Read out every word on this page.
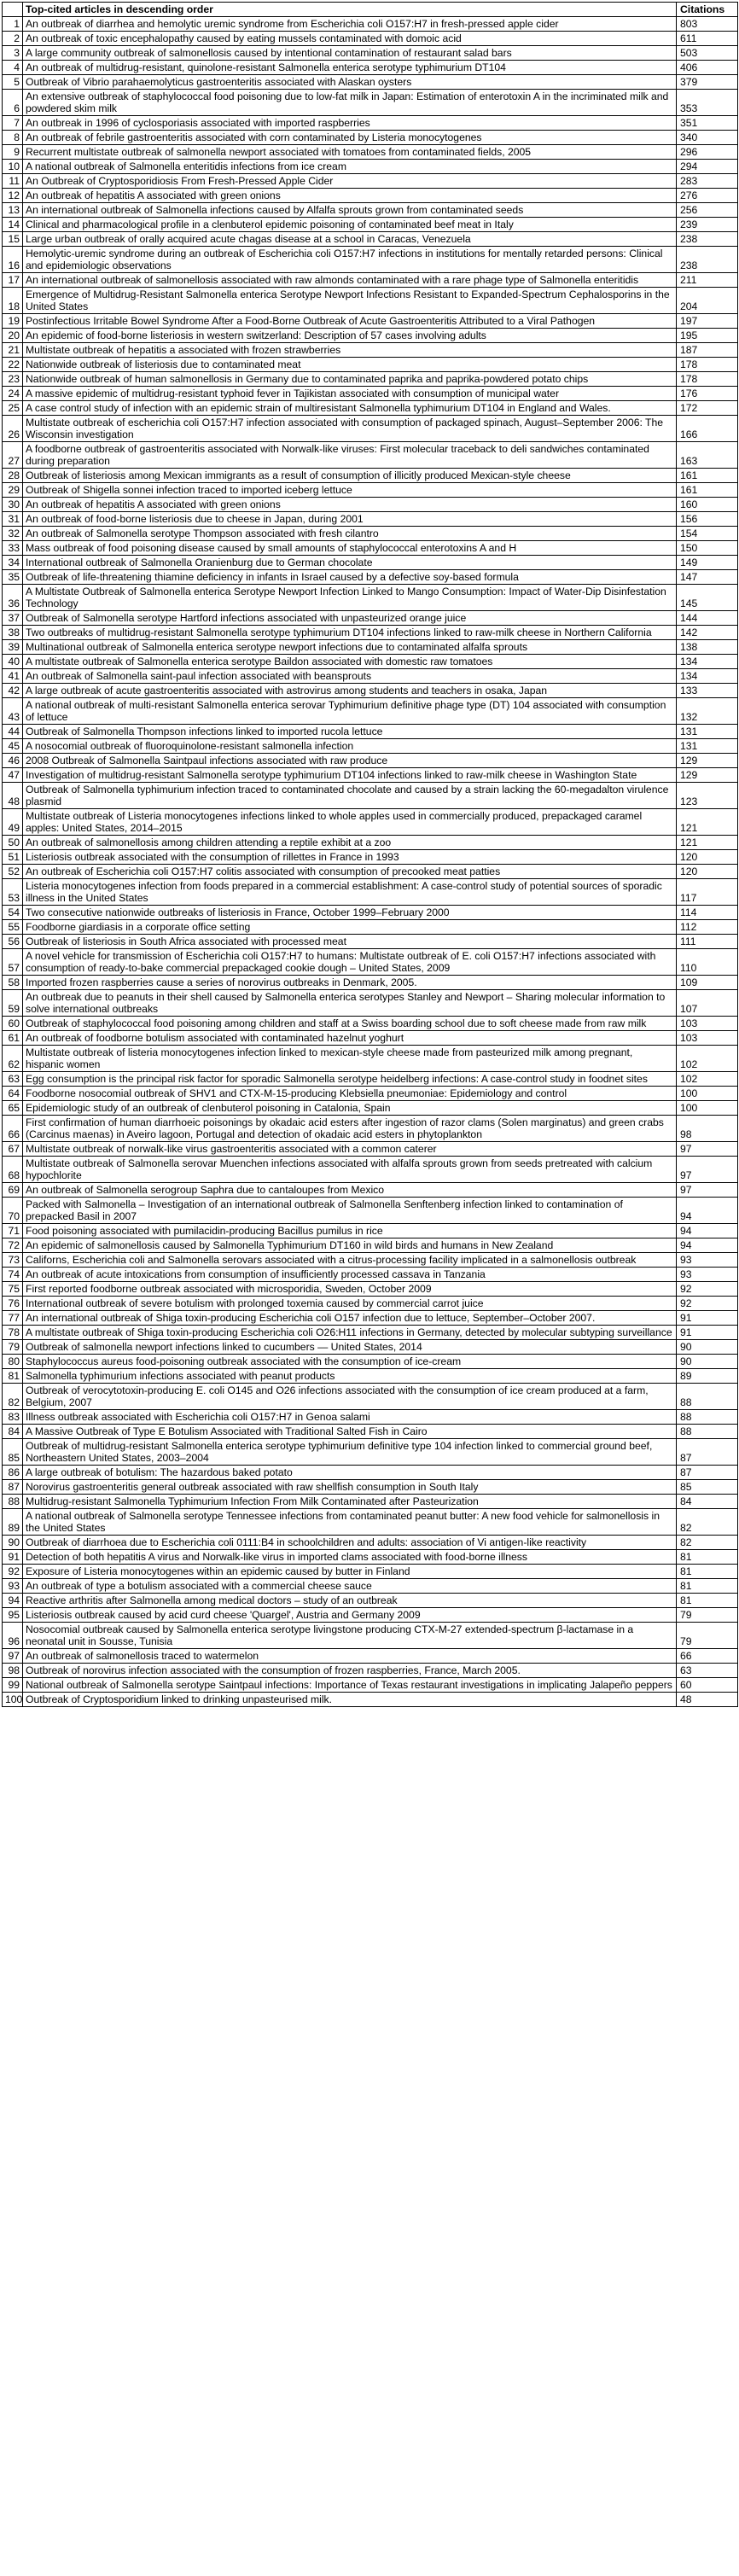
	Top-cited articles in descending order	Citations
1	An outbreak of diarrhea and hemolytic uremic syndrome from Escherichia coli O157:H7 in fresh-pressed apple cider	803
2	An outbreak of toxic encephalopathy caused by eating mussels contaminated with domoic acid	611
3	A large community outbreak of salmonellosis caused by intentional contamination of restaurant salad bars	503
4	An outbreak of multidrug-resistant, quinolone-resistant Salmonella enterica serotype typhimurium DT104	406
5	Outbreak of Vibrio parahaemolyticus gastroenteritis associated with Alaskan oysters	379
6	An extensive outbreak of staphylococcal food poisoning due to low-fat milk in Japan: Estimation of enterotoxin A in the incriminated milk and powdered skim milk	353
7	An outbreak in 1996 of cyclosporiasis associated with imported raspberries	351
8	An outbreak of febrile gastroenteritis associated with corn contaminated by Listeria monocytogenes	340
9	Recurrent multistate outbreak of salmonella newport associated with tomatoes from contaminated fields, 2005	296
10	A national outbreak of Salmonella enteritidis infections from ice cream	294
11	An Outbreak of Cryptosporidiosis From Fresh-Pressed Apple Cider	283
12	An outbreak of hepatitis A associated with green onions	276
13	An international outbreak of Salmonella infections caused by Alfalfa sprouts grown from contaminated seeds	256
14	Clinical and pharmacological profile in a clenbuterol epidemic poisoning of contaminated beef meat in Italy	239
15	Large urban outbreak of orally acquired acute chagas disease at a school in Caracas, Venezuela	238
16	Hemolytic-uremic syndrome during an outbreak of Escherichia coli O157:H7 infections in institutions for mentally retarded persons: Clinical and epidemiologic observations	238
17	An international outbreak of salmonellosis associated with raw almonds contaminated with a rare phage type of Salmonella enteritidis	211
18	Emergence of Multidrug-Resistant Salmonella enterica Serotype Newport Infections Resistant to Expanded-Spectrum Cephalosporins in the United States	204
19	Postinfectious Irritable Bowel Syndrome After a Food-Borne Outbreak of Acute Gastroenteritis Attributed to a Viral Pathogen	197
20	An epidemic of food-borne listeriosis in western switzerland: Description of 57 cases involving adults	195
21	Multistate outbreak of hepatitis a associated with frozen strawberries	187
22	Nationwide outbreak of listeriosis due to contaminated meat	178
23	Nationwide outbreak of human salmonellosis in Germany due to contaminated paprika and paprika-powdered potato chips	178
24	A massive epidemic of multidrug-resistant typhoid fever in Tajikistan associated with consumption of municipal water	176
25	A case control study of infection with an epidemic strain of multiresistant Salmonella typhimurium DT104 in England and Wales.	172
26	Multistate outbreak of escherichia coli O157:H7 infection associated with consumption of packaged spinach, August–September 2006: The Wisconsin investigation	166
27	A foodborne outbreak of gastroenteritis associated with Norwalk-like viruses: First molecular traceback to deli sandwiches contaminated during preparation	163
28	Outbreak of listeriosis among Mexican immigrants as a result of consumption of illicitly produced Mexican-style cheese	161
29	Outbreak of Shigella sonnei infection traced to imported iceberg lettuce	161
30	An outbreak of hepatitis A associated with green onions	160
31	An outbreak of food-borne listeriosis due to cheese in Japan, during 2001	156
32	An outbreak of Salmonella serotype Thompson associated with fresh cilantro	154
33	Mass outbreak of food poisoning disease caused by small amounts of staphylococcal enterotoxins A and H	150
34	International outbreak of Salmonella Oranienburg due to German chocolate	149
35	Outbreak of life-threatening thiamine deficiency in infants in Israel caused by a defective soy-based formula	147
36	A Multistate Outbreak of Salmonella enterica Serotype Newport Infection Linked to Mango Consumption: Impact of Water-Dip Disinfestation Technology	145
37	Outbreak of Salmonella serotype Hartford infections associated with unpasteurized orange juice	144
38	Two outbreaks of multidrug-resistant Salmonella serotype typhimurium DT104 infections linked to raw-milk cheese in Northern California	142
39	Multinational outbreak of Salmonella enterica serotype newport infections due to contaminated alfalfa sprouts	138
40	A multistate outbreak of Salmonella enterica serotype Baildon associated with domestic raw tomatoes	134
41	An outbreak of Salmonella saint-paul infection associated with beansprouts	134
42	A large outbreak of acute gastroenteritis associated with astrovirus among students and teachers in osaka, Japan	133
43	A national outbreak of multi-resistant Salmonella enterica serovar Typhimurium definitive phage type (DT) 104 associated with consumption of lettuce	132
44	Outbreak of Salmonella Thompson infections linked to imported rucola lettuce	131
45	A nosocomial outbreak of fluoroquinolone-resistant salmonella infection	131
46	2008 Outbreak of Salmonella Saintpaul infections associated with raw produce	129
47	Investigation of multidrug-resistant Salmonella serotype typhimurium DT104 infections linked to raw-milk cheese in Washington State	129
48	Outbreak of Salmonella typhimurium infection traced to contaminated chocolate and caused by a strain lacking the 60-megadalton virulence plasmid	123
49	Multistate outbreak of Listeria monocytogenes infections linked to whole apples used in commercially produced, prepackaged caramel apples: United States, 2014–2015	121
50	An outbreak of salmonellosis among children attending a reptile exhibit at a zoo	121
51	Listeriosis outbreak associated with the consumption of rillettes in France in 1993	120
52	An outbreak of Escherichia coli O157:H7 colitis associated with consumption of precooked meat patties	120
53	Listeria monocytogenes infection from foods prepared in a commercial establishment: A case-control study of potential sources of sporadic illness in the United States	117
54	Two consecutive nationwide outbreaks of listeriosis in France, October 1999–February 2000	114
55	Foodborne giardiasis in a corporate office setting	112
56	Outbreak of listeriosis in South Africa associated with processed meat	111
57	A novel vehicle for transmission of Escherichia coli O157:H7 to humans: Multistate outbreak of E. coli O157:H7 infections associated with consumption of ready-to-bake commercial prepackaged cookie dough – United States, 2009	110
58	Imported frozen raspberries cause a series of norovirus outbreaks in Denmark, 2005.	109
59	An outbreak due to peanuts in their shell caused by Salmonella enterica serotypes Stanley and Newport – Sharing molecular information to solve international outbreaks	107
60	Outbreak of staphylococcal food poisoning among children and staff at a Swiss boarding school due to soft cheese made from raw milk	103
61	An outbreak of foodborne botulism associated with contaminated hazelnut yoghurt	103
62	Multistate outbreak of listeria monocytogenes infection linked to mexican-style cheese made from pasteurized milk among pregnant, hispanic women	102
63	Egg consumption is the principal risk factor for sporadic Salmonella serotype heidelberg infections: A case-control study in foodnet sites	102
64	Foodborne nosocomial outbreak of SHV1 and CTX-M-15-producing Klebsiella pneumoniae: Epidemiology and control	100
65	Epidemiologic study of an outbreak of clenbuterol poisoning in Catalonia, Spain	100
66	First confirmation of human diarrhoeic poisonings by okadaic acid esters after ingestion of razor clams (Solen marginatus) and green crabs (Carcinus maenas) in Aveiro lagoon, Portugal and detection of okadaic acid esters in phytoplankton	98
67	Multistate outbreak of norwalk-like virus gastroenteritis associated with a common caterer	97
68	Multistate outbreak of Salmonella serovar Muenchen infections associated with alfalfa sprouts grown from seeds pretreated with calcium hypochlorite	97
69	An outbreak of Salmonella serogroup Saphra due to cantaloupes from Mexico	97
70	Packed with Salmonella – Investigation of an international outbreak of Salmonella Senftenberg infection linked to contamination of prepacked Basil in 2007	94
71	Food poisoning associated with pumilacidin-producing Bacillus pumilus in rice	94
72	An epidemic of salmonellosis caused by Salmonella Typhimurium DT160 in wild birds and humans in New Zealand	94
73	Californs, Escherichia coli and Salmonella serovars associated with a citrus-processing facility implicated in a salmonellosis outbreak	93
74	An outbreak of acute intoxications from consumption of insufficiently processed cassava in Tanzania	93
75	First reported foodborne outbreak associated with microsporidia, Sweden, October 2009	92
76	International outbreak of severe botulism with prolonged toxemia caused by commercial carrot juice	92
77	An international outbreak of Shiga toxin-producing Escherichia coli O157 infection due to lettuce, September–October 2007.	91
78	A multistate outbreak of Shiga toxin-producing Escherichia coli O26:H11 infections in Germany, detected by molecular subtyping surveillance	91
79	Outbreak of salmonella newport infections linked to cucumbers — United States, 2014	90
80	Staphylococcus aureus food-poisoning outbreak associated with the consumption of ice-cream	90
81	Salmonella typhimurium infections associated with peanut products	89
82	Outbreak of verocytotoxin-producing E. coli O145 and O26 infections associated with the consumption of ice cream produced at a farm, Belgium, 2007	88
83	Illness outbreak associated with Escherichia coli O157:H7 in Genoa salami	88
84	A Massive Outbreak of Type E Botulism Associated with Traditional Salted Fish in Cairo	88
85	Outbreak of multidrug-resistant Salmonella enterica serotype typhimurium definitive type 104 infection linked to commercial ground beef, Northeastern United States, 2003–2004	87
86	A large outbreak of botulism: The hazardous baked potato	87
87	Norovirus gastroenteritis general outbreak associated with raw shellfish consumption in South Italy	85
88	Multidrug-resistant Salmonella Typhimurium Infection From Milk Contaminated after Pasteurization	84
89	A national outbreak of Salmonella serotype Tennessee infections from contaminated peanut butter: A new food vehicle for salmonellosis in the United States	82
90	Outbreak of diarrhoea due to Escherichia coli 0111:B4 in schoolchildren and adults: association of Vi antigen-like reactivity	82
91	Detection of both hepatitis A virus and Norwalk-like virus in imported clams associated with food-borne illness	81
92	Exposure of Listeria monocytogenes within an epidemic caused by butter in Finland	81
93	An outbreak of type a botulism associated with a commercial cheese sauce	81
94	Reactive arthritis after Salmonella among medical doctors – study of an outbreak	81
95	Listeriosis outbreak caused by acid curd cheese 'Quargel', Austria and Germany 2009	79
96	Nosocomial outbreak caused by Salmonella enterica serotype livingstone producing CTX-M-27 extended-spectrum β-lactamase in a neonatal unit in Sousse, Tunisia	79
97	An outbreak of salmonellosis traced to watermelon	66
98	Outbreak of norovirus infection associated with the consumption of frozen raspberries, France, March 2005.	63
99	National outbreak of Salmonella serotype Saintpaul infections: Importance of Texas restaurant investigations in implicating Jalapeño peppers	60
100	Outbreak of Cryptosporidium linked to drinking unpasteurised milk.	48
